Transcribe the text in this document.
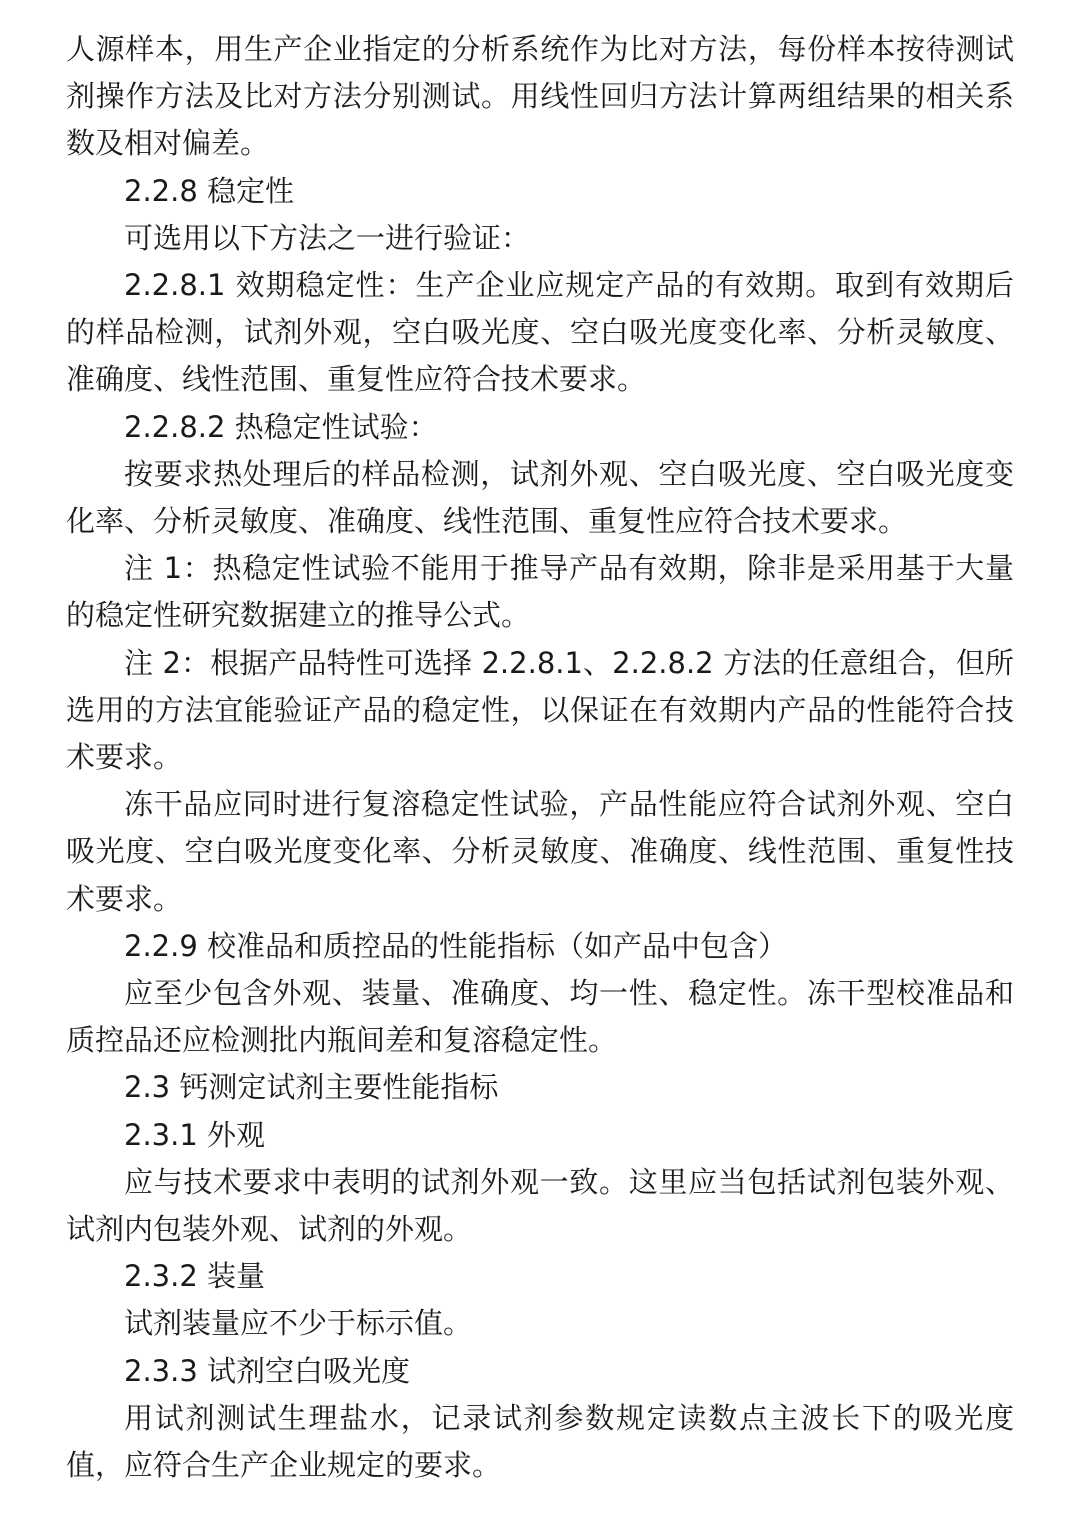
人源样本，用生产企业指定的分析系统作为比对方法，每份样本按待测试剂操作方法及比对方法分别测试。用线性回归方法计算两组结果的相关系数及相对偏差。

2.2.8 稳定性

可选用以下方法之一进行验证：

2.2.8.1 效期稳定性：生产企业应规定产品的有效期。取到有效期后的样品检测，试剂外观，空白吸光度、空白吸光度变化率、分析灵敏度、准确度、线性范围、重复性应符合技术要求。

2.2.8.2 热稳定性试验：

按要求热处理后的样品检测，试剂外观、空白吸光度、空白吸光度变化率、分析灵敏度、准确度、线性范围、重复性应符合技术要求。

注 1：热稳定性试验不能用于推导产品有效期，除非是采用基于大量的稳定性研究数据建立的推导公式。

注 2：根据产品特性可选择 2.2.8.1、2.2.8.2 方法的任意组合，但所选用的方法宜能验证产品的稳定性，以保证在有效期内产品的性能符合技术要求。

冻干品应同时进行复溶稳定性试验，产品性能应符合试剂外观、空白吸光度、空白吸光度变化率、分析灵敏度、准确度、线性范围、重复性技术要求。

2.2.9 校准品和质控品的性能指标（如产品中包含）

应至少包含外观、装量、准确度、均一性、稳定性。冻干型校准品和质控品还应检测批内瓶间差和复溶稳定性。

2.3 钙测定试剂主要性能指标

2.3.1 外观

应与技术要求中表明的试剂外观一致。这里应当包括试剂包装外观、试剂内包装外观、试剂的外观。

2.3.2 装量

试剂装量应不少于标示值。

2.3.3 试剂空白吸光度

用试剂测试生理盐水，记录试剂参数规定读数点主波长下的吸光度值，应符合生产企业规定的要求。
